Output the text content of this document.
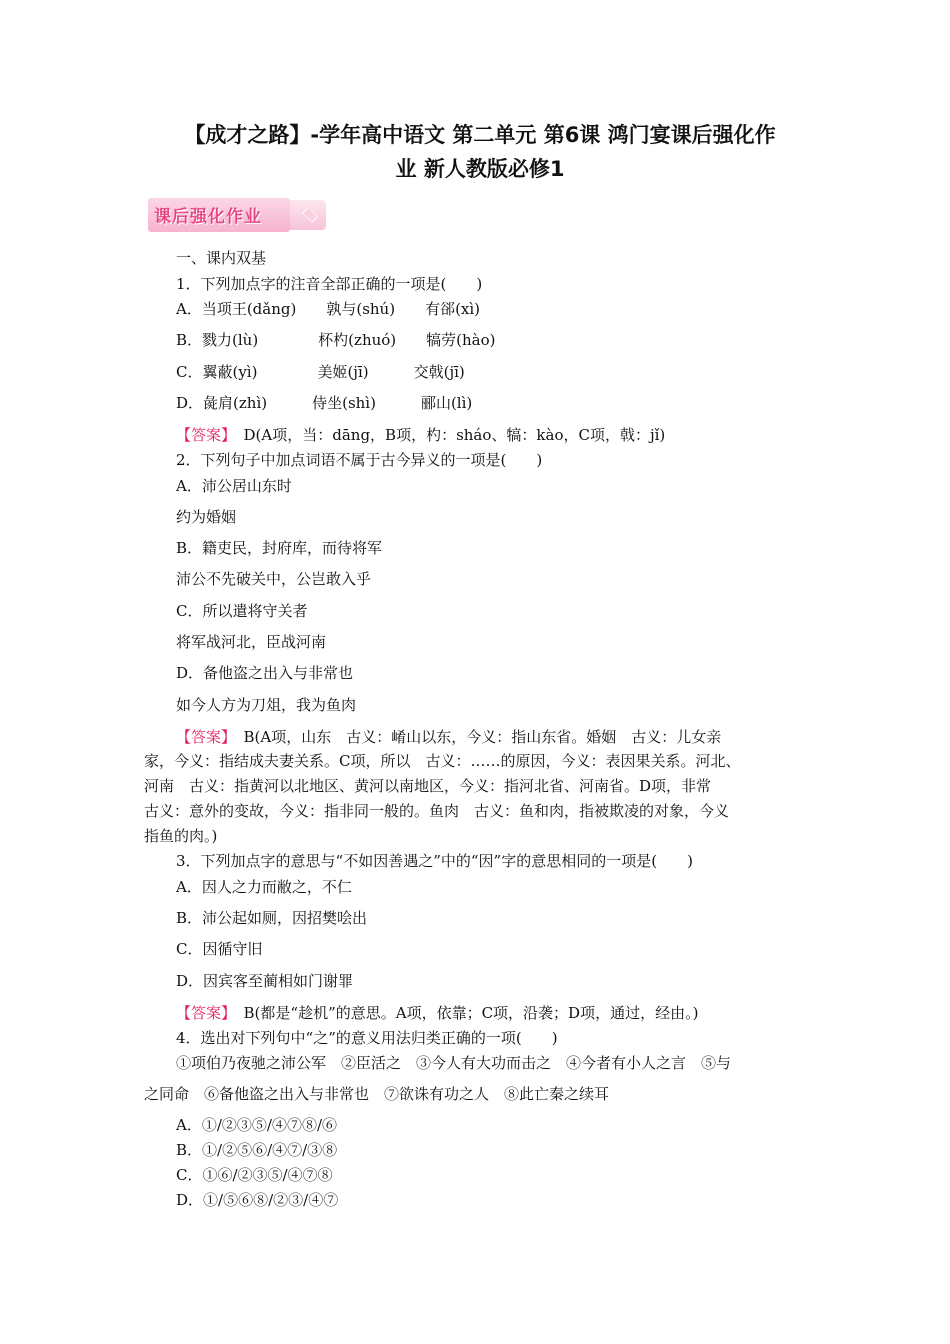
【成才之路】-学年高中语文 第二单元 第6课 鸿门宴课后强化作
业 新人教版必修1
课后强化作业
一、课内双基
1．下列加点字的注音全部正确的一项是(　　)
A．当项王(dǎng)　　孰与(shú)　　有郤(xì)
B．戮力(lù)　　　　杯杓(zhuó)　　犒劳(hào)
C．翼蔽(yì)　　　　美姬(jī)　　　交戟(jī)
D．彘肩(zhì)　　　侍坐(shì)　　　郦山(lì)
【答案】　 D(A项，当：dāng，B项，杓：sháo、犒：kào，C项，戟：jǐ)
2．下列句子中加点词语不属于古今异义的一项是(　　)
A．沛公居山东时
约为婚姻
B．籍吏民，封府库，而待将军
沛公不先破关中，公岂敢入乎
C．所以遣将守关者
将军战河北，臣战河南
D．备他盗之出入与非常也
如今人方为刀俎，我为鱼肉
【答案】　 B(A项，山东　古义：崤山以东，今义：指山东省。婚姻　古义：儿女亲
家，今义：指结成夫妻关系。C项，所以　古义：……的原因，今义：表因果关系。河北、
河南　古义：指黄河以北地区、黄河以南地区，今义：指河北省、河南省。D项，非常
古义：意外的变故，今义：指非同一般的。鱼肉　古义：鱼和肉，指被欺凌的对象，今义
指鱼的肉。)
3．下列加点字的意思与“不如因善遇之”中的“因”字的意思相同的一项是(　　)
A．因人之力而敝之，不仁
B．沛公起如厕，因招樊哙出
C．因循守旧
D．因宾客至蔺相如门谢罪
【答案】　 B(都是“趁机”的意思。A项，依靠；C项，沿袭；D项，通过，经由。)
4．选出对下列句中“之”的意义用法归类正确的一项(　　)
①项伯乃夜驰之沛公军　②臣活之　③今人有大功而击之　④今者有小人之言　⑤与
之同命　⑥备他盗之出入与非常也　⑦欲诛有功之人　⑧此亡秦之续耳
A．①/②③⑤/④⑦⑧/⑥
B．①/②⑤⑥/④⑦/③⑧
C．①⑥/②③⑤/④⑦⑧
D．①/⑤⑥⑧/②③/④⑦
